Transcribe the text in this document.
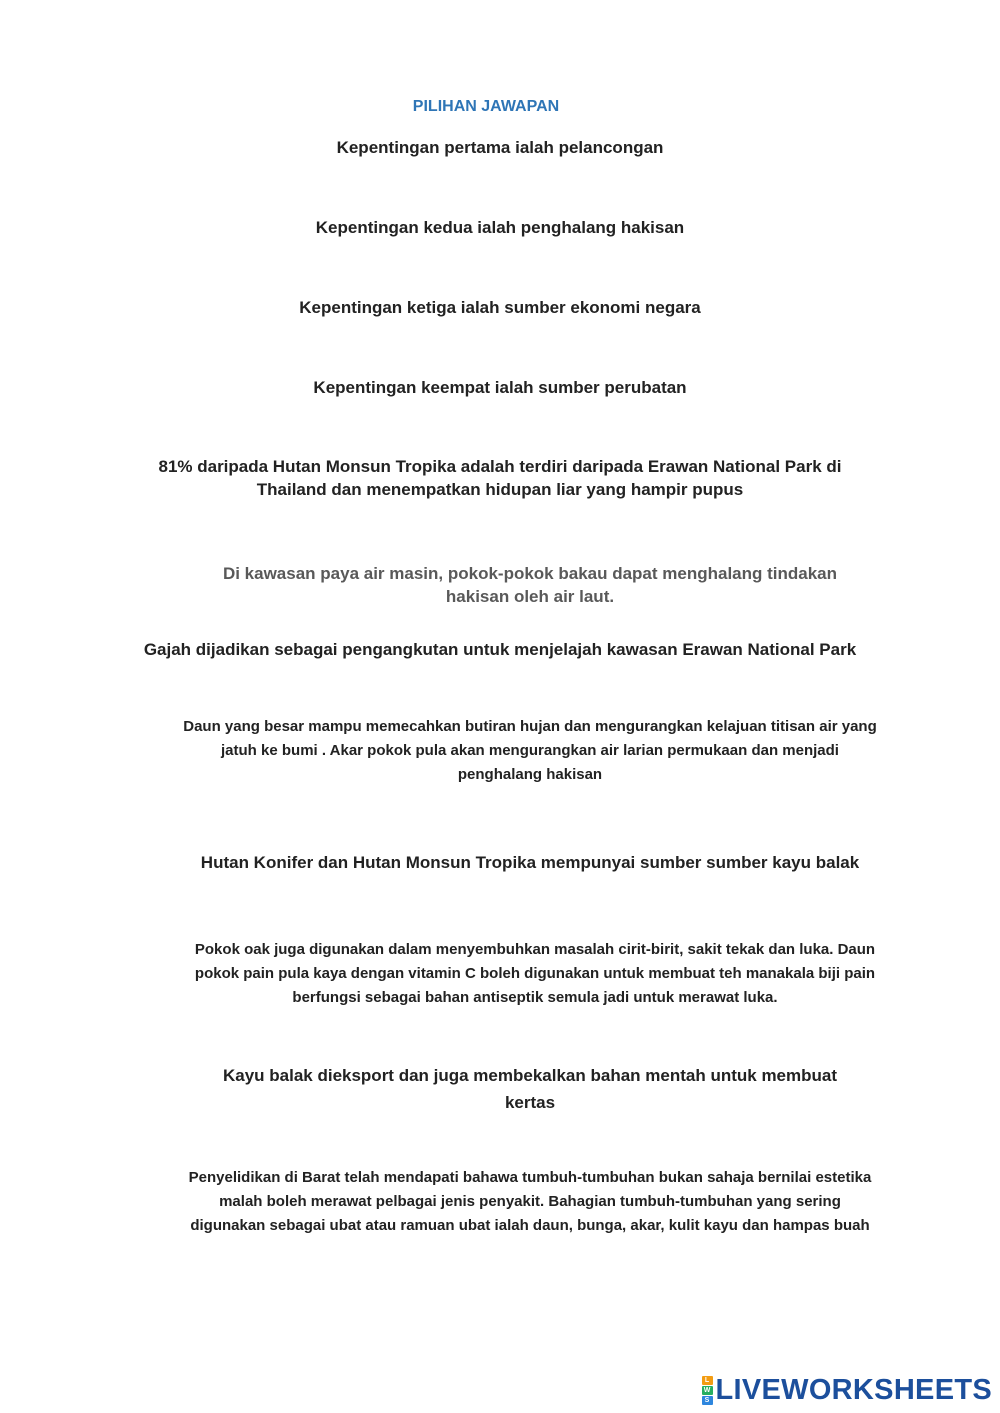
PILIHAN JAWAPAN

Kepentingan pertama ialah pelancongan

Kepentingan kedua ialah penghalang hakisan

Kepentingan ketiga ialah sumber ekonomi negara

Kepentingan keempat ialah sumber perubatan

81% daripada Hutan Monsun Tropika adalah terdiri daripada Erawan National Park di Thailand dan menempatkan hidupan liar yang hampir pupus

Di kawasan paya air masin, pokok-pokok bakau dapat menghalang tindakan hakisan oleh air laut.

Gajah dijadikan sebagai pengangkutan untuk menjelajah kawasan Erawan National Park

Daun yang besar mampu memecahkan butiran hujan dan mengurangkan kelajuan titisan air yang jatuh ke bumi . Akar pokok pula akan mengurangkan air larian permukaan dan menjadi penghalang hakisan

Hutan Konifer dan Hutan Monsun Tropika mempunyai sumber sumber kayu balak

Pokok oak juga digunakan dalam menyembuhkan masalah cirit-birit, sakit tekak dan luka. Daun pokok pain pula kaya dengan vitamin C boleh digunakan untuk membuat teh manakala biji pain berfungsi sebagai bahan antiseptik semula jadi untuk merawat luka.

Kayu balak dieksport dan juga membekalkan bahan mentah untuk membuat kertas

Penyelidikan di Barat telah mendapati bahawa tumbuh-tumbuhan bukan sahaja bernilai estetika malah boleh merawat pelbagai jenis penyakit. Bahagian tumbuh-tumbuhan yang sering digunakan sebagai ubat atau ramuan ubat ialah daun, bunga, akar, kulit kayu dan hampas buah

L
W
S LIVEWORKSHEETS
